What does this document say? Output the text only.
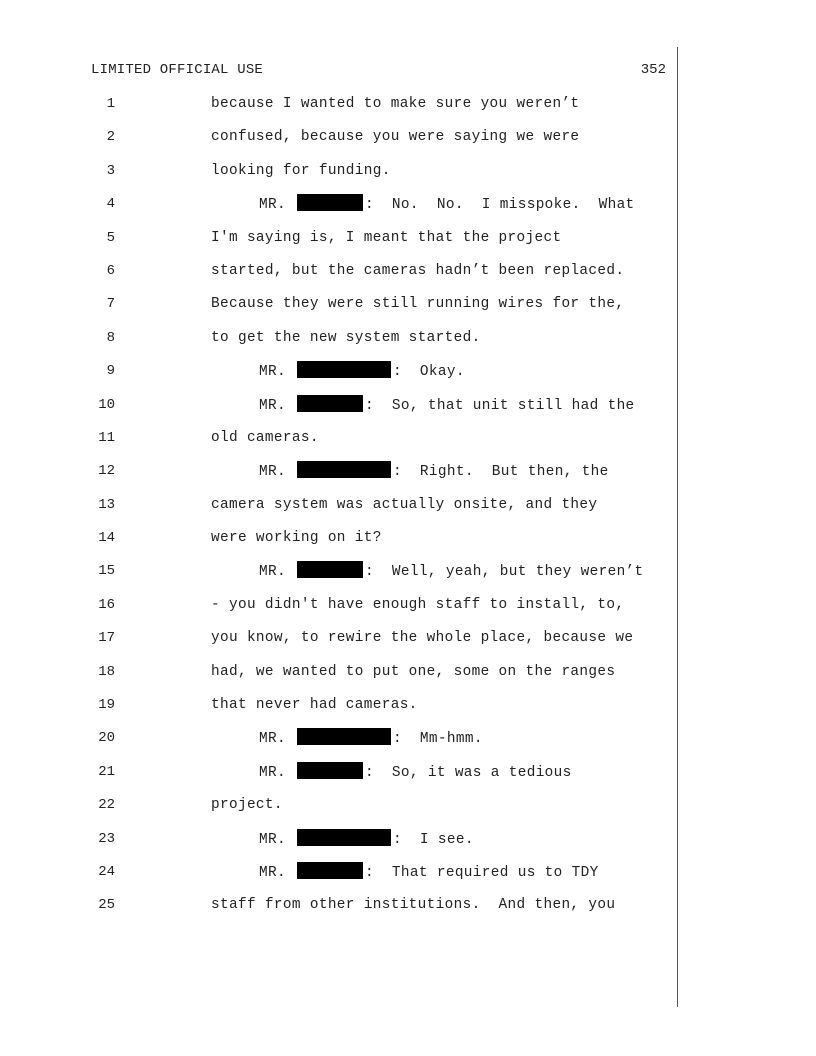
LIMITED OFFICIAL USE	352
1	because I wanted to make sure you weren’t
2	confused, because you were saying we were
3	looking for funding.
4	MR.	:  No.  No.  I misspoke.  What
5	I'm saying is, I meant that the project
6	started, but the cameras hadn’t been replaced.
7	Because they were still running wires for the,
8	to get the new system started.
9	MR.	:  Okay.
10	MR.	:  So, that unit still had the
11	old cameras.
12	MR.	:  Right.  But then, the
13	camera system was actually onsite, and they
14	were working on it?
15	MR.	:  Well, yeah, but they weren’t
16	- you didn't have enough staff to install, to,
17	you know, to rewire the whole place, because we
18	had, we wanted to put one, some on the ranges
19	that never had cameras.
20	MR.	:  Mm-hmm.
21	MR.	:  So, it was a tedious
22	project.
23	MR.	:  I see.
24	MR.	:  That required us to TDY
25	staff from other institutions.  And then, you
